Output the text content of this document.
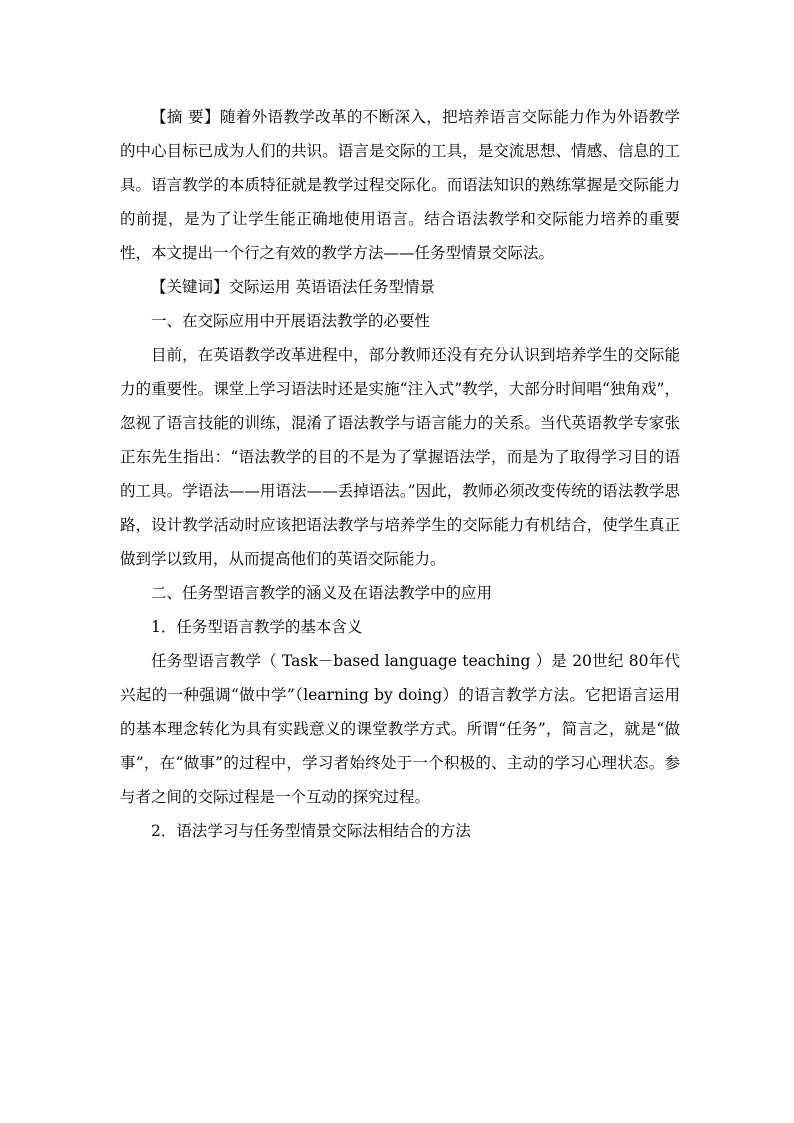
【摘 要】随着外语教学改革的不断深入，把培养语言交际能力作为外语教学的中心目标已成为人们的共识。语言是交际的工具，是交流思想、情感、信息的工具。语言教学的本质特征就是教学过程交际化。而语法知识的熟练掌握是交际能力的前提，是为了让学生能正确地使用语言。结合语法教学和交际能力培养的重要性，本文提出一个行之有效的教学方法——任务型情景交际法。

【关键词】交际运用 英语语法任务型情景

一、在交际应用中开展语法教学的必要性

目前，在英语教学改革进程中，部分教师还没有充分认识到培养学生的交际能力的重要性。课堂上学习语法时还是实施“注入式”教学，大部分时间唱“独角戏”，忽视了语言技能的训练，混淆了语法教学与语言能力的关系。当代英语教学专家张正东先生指出：“语法教学的目的不是为了掌握语法学，而是为了取得学习目的语的工具。学语法——用语法——丢掉语法。”因此，教师必须改变传统的语法教学思路，设计教学活动时应该把语法教学与培养学生的交际能力有机结合，使学生真正做到学以致用，从而提高他们的英语交际能力。

二、任务型语言教学的涵义及在语法教学中的应用

1．任务型语言教学的基本含义

任务型语言教学（ Task－based language teaching ）是 20世纪 80年代兴起的一种强调“做中学”（learning by doing）的语言教学方法。它把语言运用的基本理念转化为具有实践意义的课堂教学方式。所谓“任务”，简言之，就是“做事”，在“做事”的过程中，学习者始终处于一个积极的、主动的学习心理状态。参与者之间的交际过程是一个互动的探究过程。

2．语法学习与任务型情景交际法相结合的方法
